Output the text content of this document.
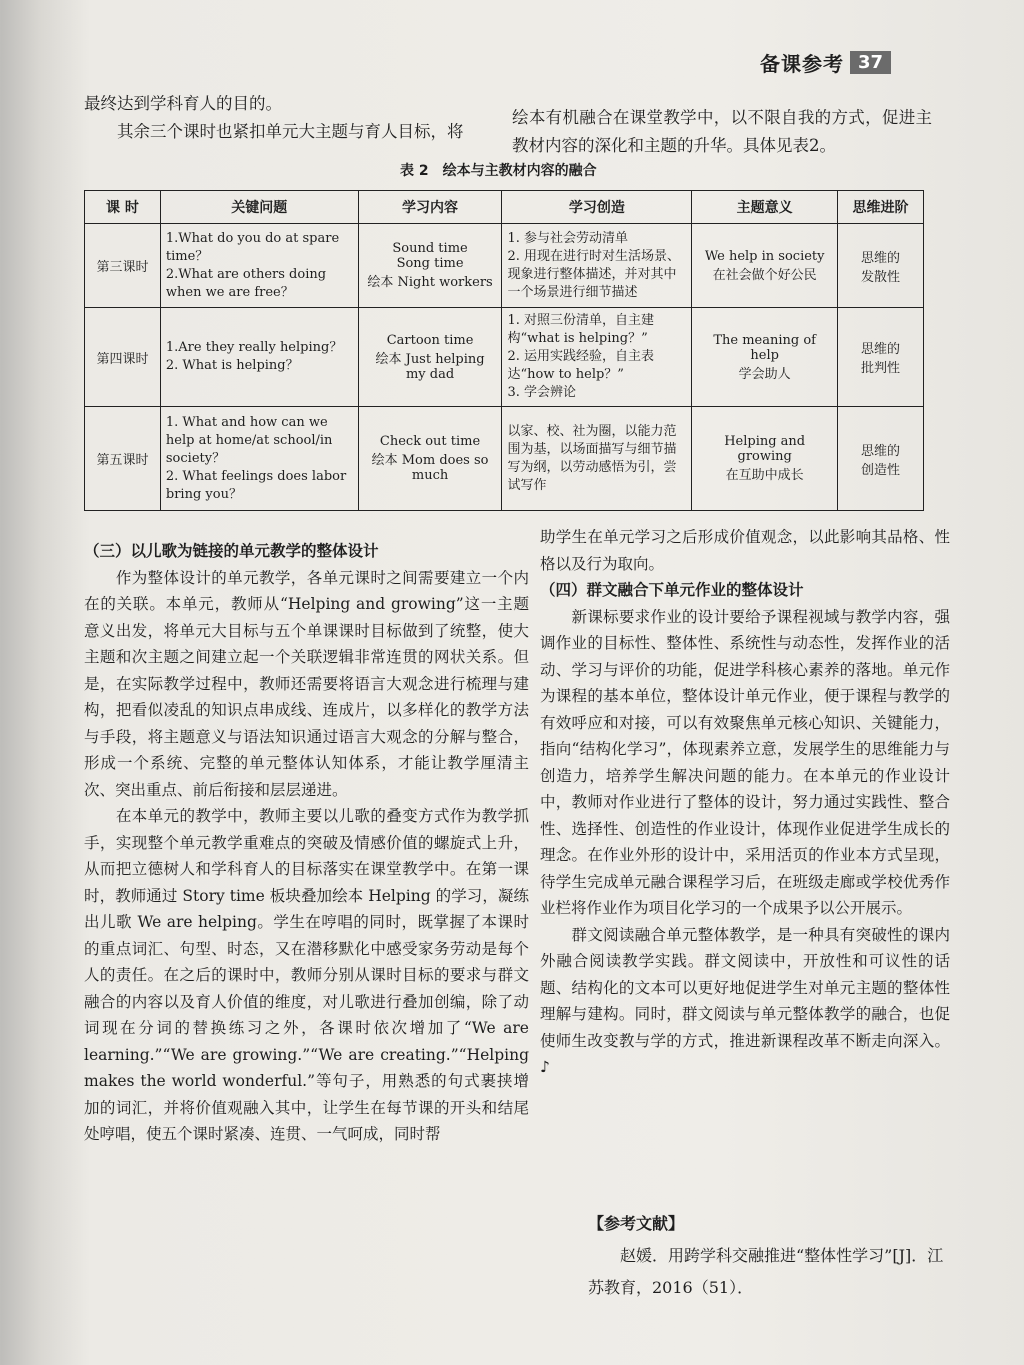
备课参考 37
最终达到学科育人的目的。
　　其余三个课时也紧扣单元大主题与育人目标，将
绘本有机融合在课堂教学中，以不限自我的方式，促进主教材内容的深化和主题的升华。具体见表2。
表 2　绘本与主教材内容的融合
课 时	关键问题	学习内容	学习创造	主题意义	思维进阶
第三课时	1.What do you do at spare time？
2.What are others doing when we are free？	Sound time
Song time
绘本 Night workers	1. 参与社会劳动清单
2. 用现在进行时对生活场景、现象进行整体描述，并对其中一个场景进行细节描述	We help in society
在社会做个好公民	思维的
发散性
第四课时	1.Are they really helping？
2. What is helping？	Cartoon time
绘本 Just helping my dad	1. 对照三份清单，自主建构“what is helping？”
2. 运用实践经验，自主表达“how to help？”
3. 学会辨论	The meaning of help
学会助人	思维的
批判性
第五课时	1. What and how can we help at home/at school/in society？
2. What feelings does labor bring you？	Check out time
绘本 Mom does so much	以家、校、社为圈，以能力范围为基，以场面描写与细节描写为纲，以劳动感悟为引，尝试写作	Helping and growing
在互助中成长	思维的
创造性
（三）以儿歌为链接的单元教学的整体设计
　　作为整体设计的单元教学，各单元课时之间需要建立一个内在的关联。本单元，教师从“Helping and growing”这一主题意义出发，将单元大目标与五个单课课时目标做到了统整，使大主题和次主题之间建立起一个关联逻辑非常连贯的网状关系。但是，在实际教学过程中，教师还需要将语言大观念进行梳理与建构，把看似凌乱的知识点串成线、连成片，以多样化的教学方法与手段，将主题意义与语法知识通过语言大观念的分解与整合，形成一个系统、完整的单元整体认知体系，才能让教学厘清主次、突出重点、前后衔接和层层递进。
　　在本单元的教学中，教师主要以儿歌的叠变方式作为教学抓手，实现整个单元教学重难点的突破及情感价值的螺旋式上升，从而把立德树人和学科育人的目标落实在课堂教学中。在第一课时，教师通过 Story time 板块叠加绘本 Helping 的学习，凝练出儿歌 We are helping。学生在哼唱的同时，既掌握了本课时的重点词汇、句型、时态，又在潜移默化中感受家务劳动是每个人的责任。在之后的课时中，教师分别从课时目标的要求与群文融合的内容以及育人价值的维度，对儿歌进行叠加创编，除了动词现在分词的替换练习之外，各课时依次增加了“We are learning.”“We are growing.”“We are creating.”“Helping makes the world wonderful.”等句子，用熟悉的句式裹挟增加的词汇，并将价值观融入其中，让学生在每节课的开头和结尾处哼唱，使五个课时紧凑、连贯、一气呵成，同时帮
助学生在单元学习之后形成价值观念，以此影响其品格、性格以及行为取向。
（四）群文融合下单元作业的整体设计
　　新课标要求作业的设计要给予课程视域与教学内容，强调作业的目标性、整体性、系统性与动态性，发挥作业的活动、学习与评价的功能，促进学科核心素养的落地。单元作为课程的基本单位，整体设计单元作业，便于课程与教学的有效呼应和对接，可以有效聚焦单元核心知识、关键能力，指向“结构化学习”，体现素养立意，发展学生的思维能力与创造力，培养学生解决问题的能力。在本单元的作业设计中，教师对作业进行了整体的设计，努力通过实践性、整合性、选择性、创造性的作业设计，体现作业促进学生成长的理念。在作业外形的设计中，采用活页的作业本方式呈现，待学生完成单元融合课程学习后，在班级走廊或学校优秀作业栏将作业作为项目化学习的一个成果予以公开展示。
　　群文阅读融合单元整体教学，是一种具有突破性的课内外融合阅读教学实践。群文阅读中，开放性和可议性的话题、结构化的文本可以更好地促进学生对单元主题的整体性理解与建构。同时，群文阅读与单元整体教学的融合，也促使师生改变教与学的方式，推进新课程改革不断走向深入。♪
【参考文献】
　　赵媛．用跨学科交融推进“整体性学习”[J]．江苏教育，2016（51）．
